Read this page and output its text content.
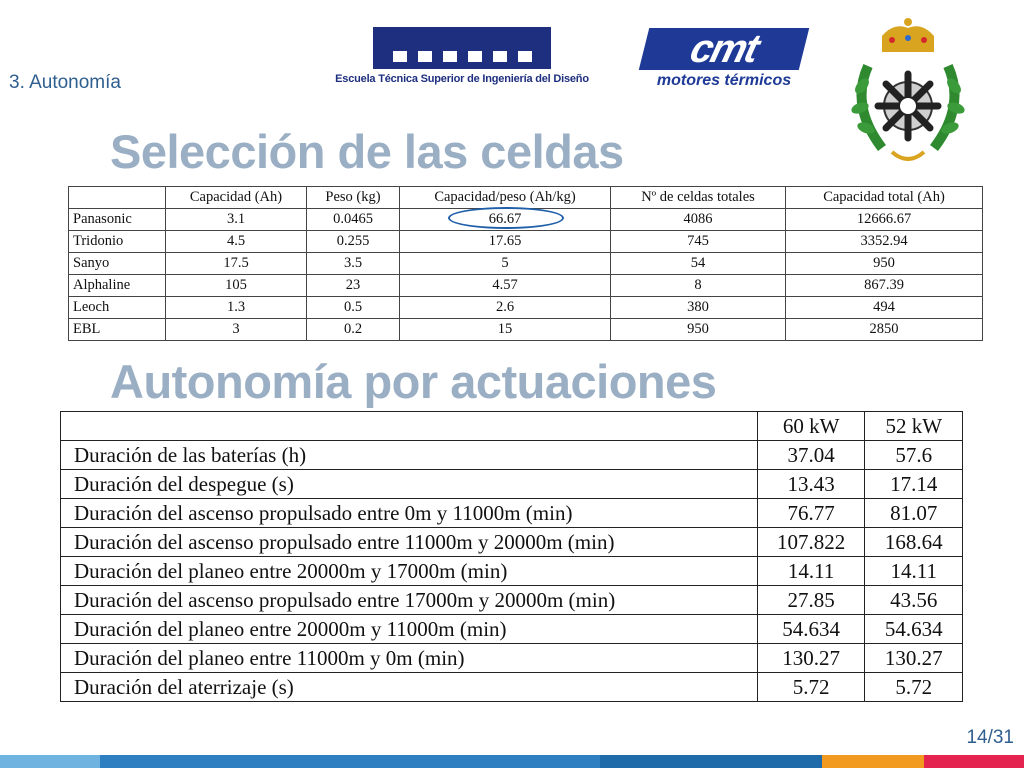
3. Autonomía	Escuela Técnica Superior de Ingeniería del Diseño
cmt
motores térmicos
Selección de las celdas
	Capacidad (Ah)	Peso (kg)	Capacidad/peso (Ah/kg)	Nº de celdas totales	Capacidad total (Ah)
Panasonic	3.1	0.0465	66.67	4086	12666.67
Tridonio	4.5	0.255	17.65	745	3352.94
Sanyo	17.5	3.5	5	54	950
Alphaline	105	23	4.57	8	867.39
Leoch	1.3	0.5	2.6	380	494
EBL	3	0.2	15	950	2850
Autonomía por actuaciones
	60 kW	52 kW
Duración de las baterías (h)	37.04	57.6
Duración del despegue (s)	13.43	17.14
Duración del ascenso propulsado entre 0m y 11000m (min)	76.77	81.07
Duración del ascenso propulsado entre 11000m y 20000m (min)	107.822	168.64
Duración del planeo entre 20000m y 17000m (min)	14.11	14.11
Duración del ascenso propulsado entre 17000m y 20000m (min)	27.85	43.56
Duración del planeo entre 20000m y 11000m (min)	54.634	54.634
Duración del planeo entre 11000m y 0m (min)	130.27	130.27
Duración del aterrizaje (s)	5.72	5.72
14/31
